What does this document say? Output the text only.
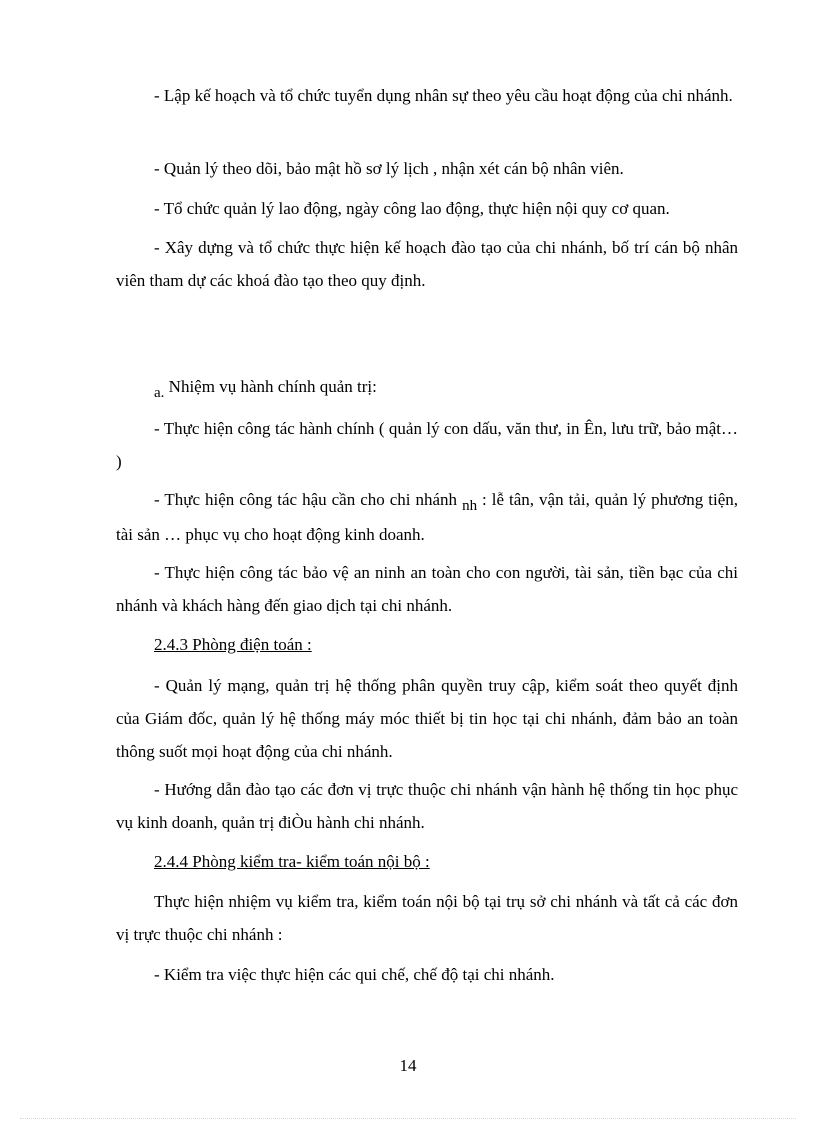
- Lập kế hoạch và tổ chức tuyển dụng nhân sự theo yêu cầu hoạt động của chi nhánh.

- Quản lý theo dõi, bảo mật hồ sơ lý lịch , nhận xét cán bộ nhân viên.

- Tổ chức quản lý lao động, ngày công lao động, thực hiện nội quy cơ quan.

- Xây dựng và tổ chức thực hiện kế hoạch đào tạo của chi nhánh, bố trí cán bộ nhân viên tham dự các khoá đào tạo theo quy định.

a. Nhiệm vụ hành chính quản trị:

- Thực hiện công tác hành chính ( quản lý con dấu, văn thư, in Ên, lưu trữ, bảo mật… )

- Thực hiện công tác hậu cần cho chi nhánh nh : lễ tân, vận tải, quản lý phương tiện, tài sản … phục vụ cho hoạt động kinh doanh.

- Thực hiện công tác bảo vệ an ninh an toàn cho con người, tài sản, tiền bạc của chi nhánh và khách hàng đến giao dịch tại chi nhánh.

2.4.3 Phòng điện toán :

- Quản lý mạng, quản trị hệ thống phân quyền truy cập, kiểm soát theo quyết định của Giám đốc, quản lý hệ thống máy móc thiết bị tin học tại chi nhánh, đảm bảo an toàn thông suốt mọi hoạt động của chi nhánh.

- Hướng dẫn đào tạo các đơn vị trực thuộc chi nhánh vận hành hệ thống tin học phục vụ kinh doanh, quản trị điÒu hành chi nhánh.

2.4.4 Phòng kiểm tra- kiểm toán nội bộ :

Thực hiện nhiệm vụ kiểm tra, kiểm toán nội bộ tại trụ sở chi nhánh và tất cả các đơn vị trực thuộc chi nhánh :

- Kiểm tra việc thực hiện các qui chế, chế độ tại chi nhánh.

14
